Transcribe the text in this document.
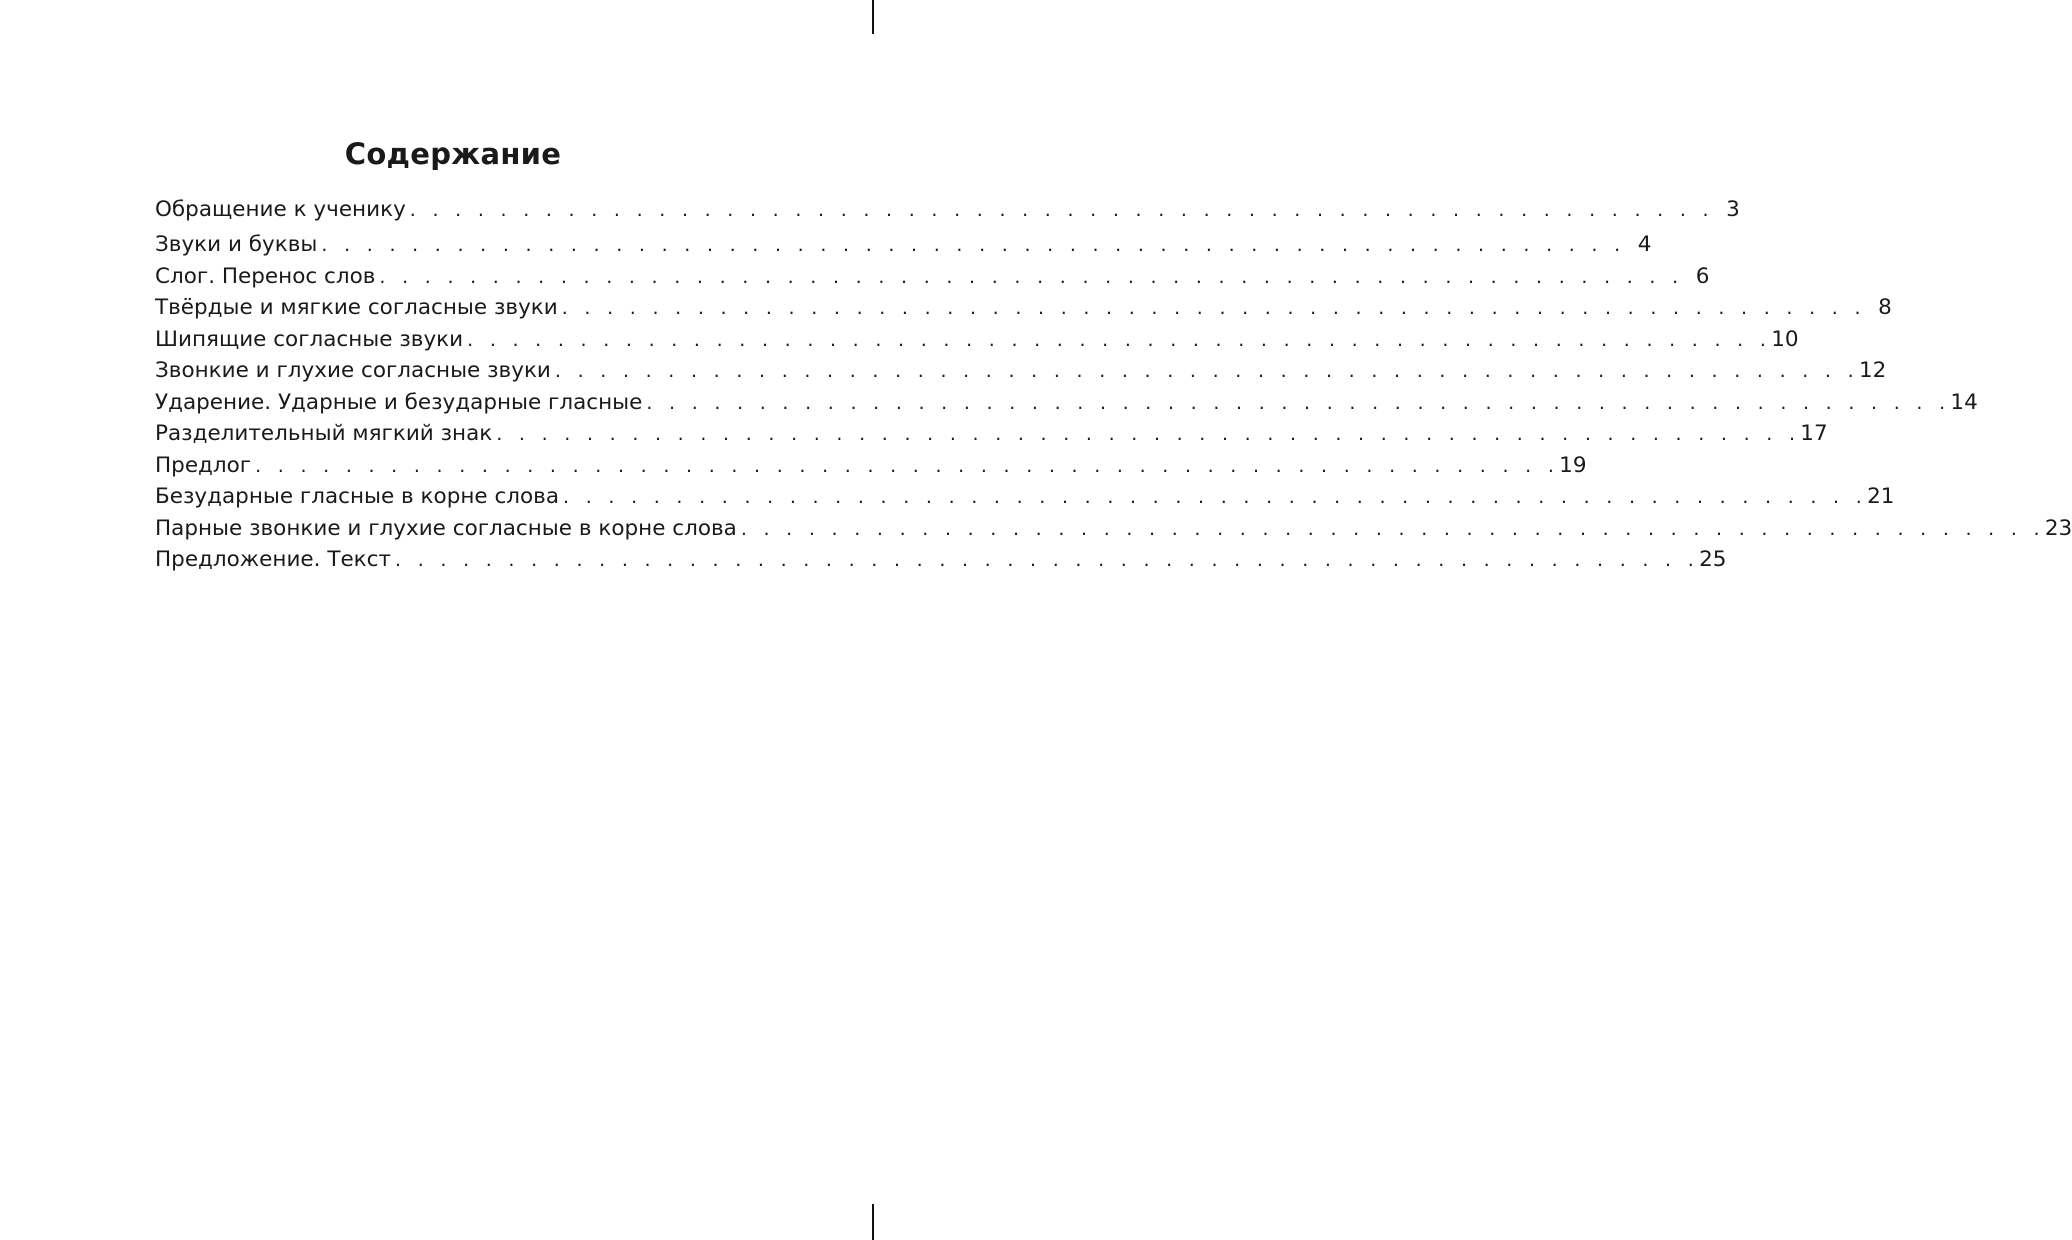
Содержание
Обращение к ученику . . . . . . . . . . . . . . . . . . . . . . . . . . . . . . . . . . . . . . . . . . . . . . . . . . . . . . . . . . 3
Звуки и буквы . . . . . . . . . . . . . . . . . . . . . . . . . . . . . . . . . . . . . . . . . . . . . . . . . . . . . . . . . . 4
Слог. Перенос слов . . . . . . . . . . . . . . . . . . . . . . . . . . . . . . . . . . . . . . . . . . . . . . . . . . . . . . . . . . 6
Твёрдые и мягкие согласные звуки . . . . . . . . . . . . . . . . . . . . . . . . . . . . . . . . . . . . . . . . . . . . . . . . . . . . . . . . . . 8
Шипящие согласные звуки . . . . . . . . . . . . . . . . . . . . . . . . . . . . . . . . . . . . . . . . . . . . . . . . . . . . . . . . . . 10
Звонкие и глухие согласные звуки . . . . . . . . . . . . . . . . . . . . . . . . . . . . . . . . . . . . . . . . . . . . . . . . . . . . . . . . . . 12
Ударение. Ударные и безударные гласные . . . . . . . . . . . . . . . . . . . . . . . . . . . . . . . . . . . . . . . . . . . . . . . . . . . . . . . . . . 14
Разделительный мягкий знак . . . . . . . . . . . . . . . . . . . . . . . . . . . . . . . . . . . . . . . . . . . . . . . . . . . . . . . . . . 17
Предлог . . . . . . . . . . . . . . . . . . . . . . . . . . . . . . . . . . . . . . . . . . . . . . . . . . . . . . . . . . 19
Безударные гласные в корне слова . . . . . . . . . . . . . . . . . . . . . . . . . . . . . . . . . . . . . . . . . . . . . . . . . . . . . . . . . . 21
Парные звонкие и глухие согласные в корне слова . . . . . . . . . . . . . . . . . . . . . . . . . . . . . . . . . . . . . . . . . . . . . . . . . . . . . . . . . . 23
Предложение. Текст . . . . . . . . . . . . . . . . . . . . . . . . . . . . . . . . . . . . . . . . . . . . . . . . . . . . . . . . . . 25
